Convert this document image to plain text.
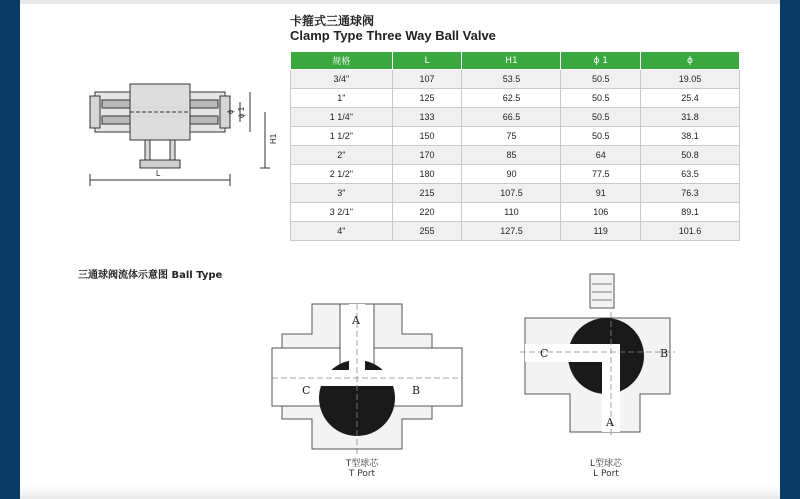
卡箍式三通球阀
Clamp Type Three Way Ball Valve
ϕ ϕ 1
H1
L
规格	L	H1	ϕ 1	ϕ
3/4"	107	53.5	50.5	19.05
1"	125	62.5	50.5	25.4
1 1/4"	133	66.5	50.5	31.8
1 1/2"	150	75	50.5	38.1
2"	170	85	64	50.8
2 1/2"	180	90	77.5	63.5
3"	215	107.5	91	76.3
3 2/1"	220	110	106	89.1
4"	255	127.5	119	101.6
三通球阀流体示意图 Ball Type
A
C	B
T型球芯
T Port
C	B
A
L型球芯
L Port
